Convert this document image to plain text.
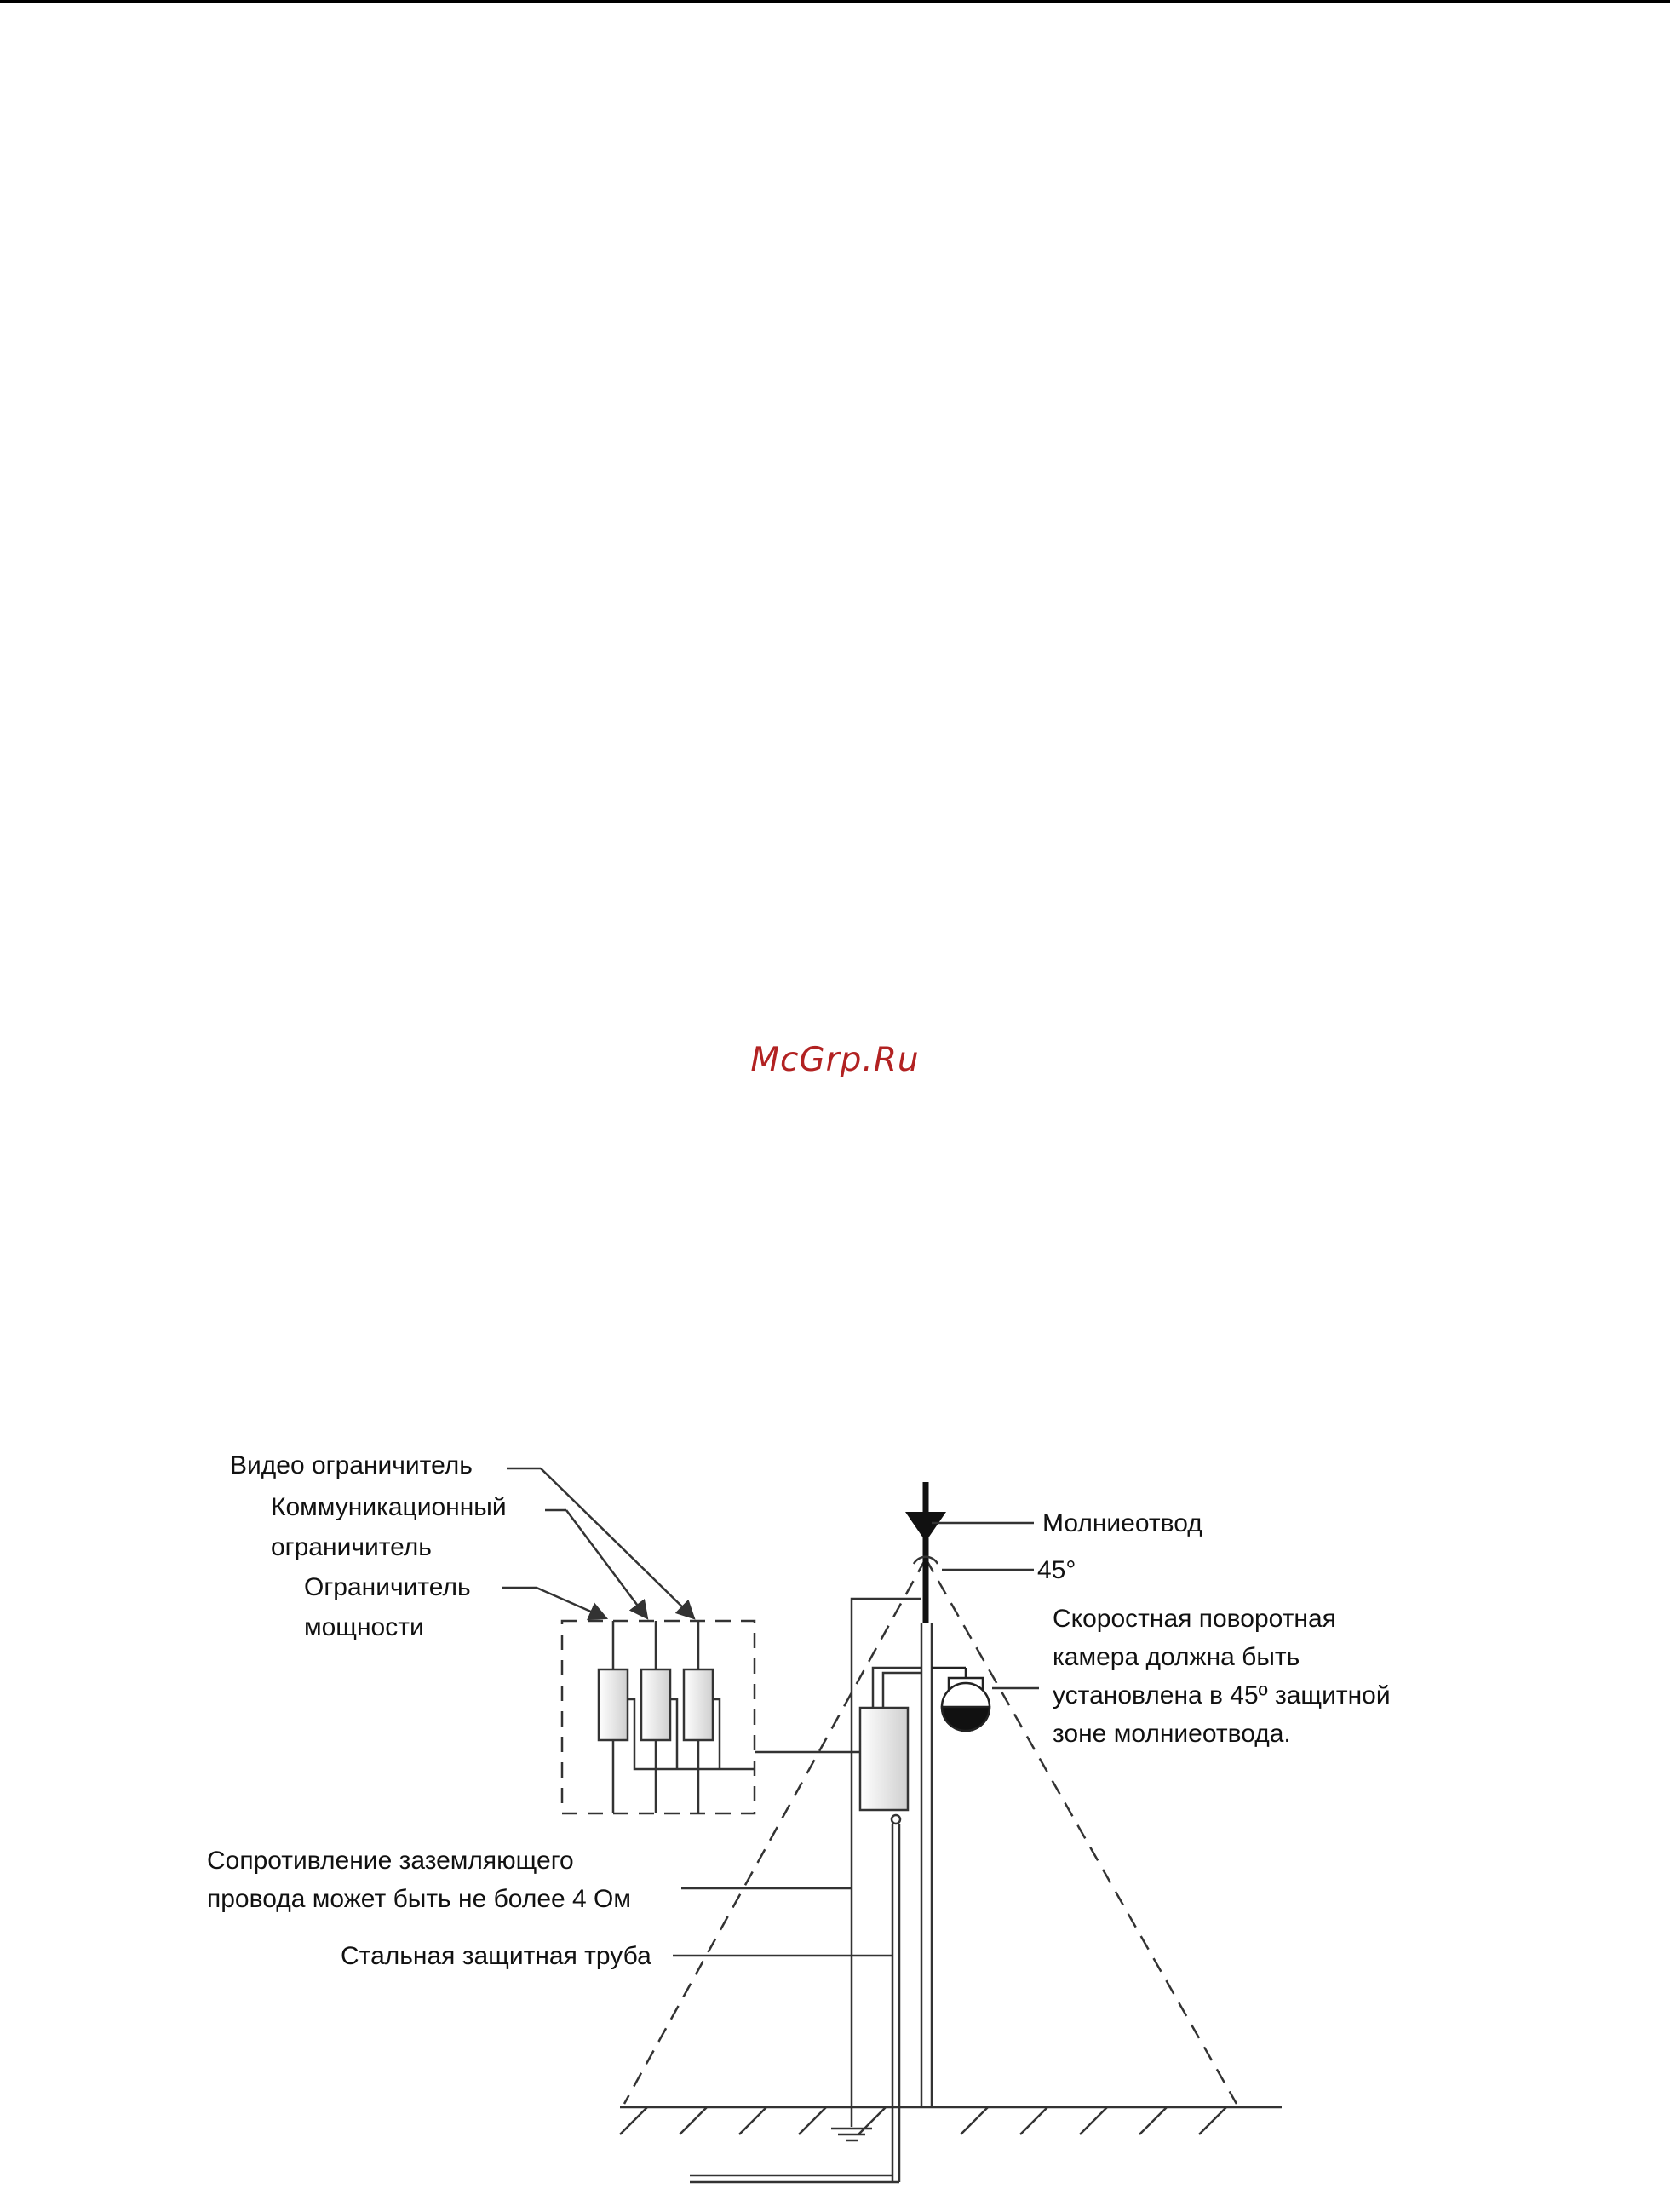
McGrp.Ru
Видео ограничитель
Коммуникационный
ограничитель
Ограничитель
мощности
Молниеотвод
45°
Скоростная поворотная
камера должна быть
установлена в 45º защитной
зоне молниеотвода.
Сопротивление заземляющего
провода может быть не более 4 Ом
Стальная защитная труба
